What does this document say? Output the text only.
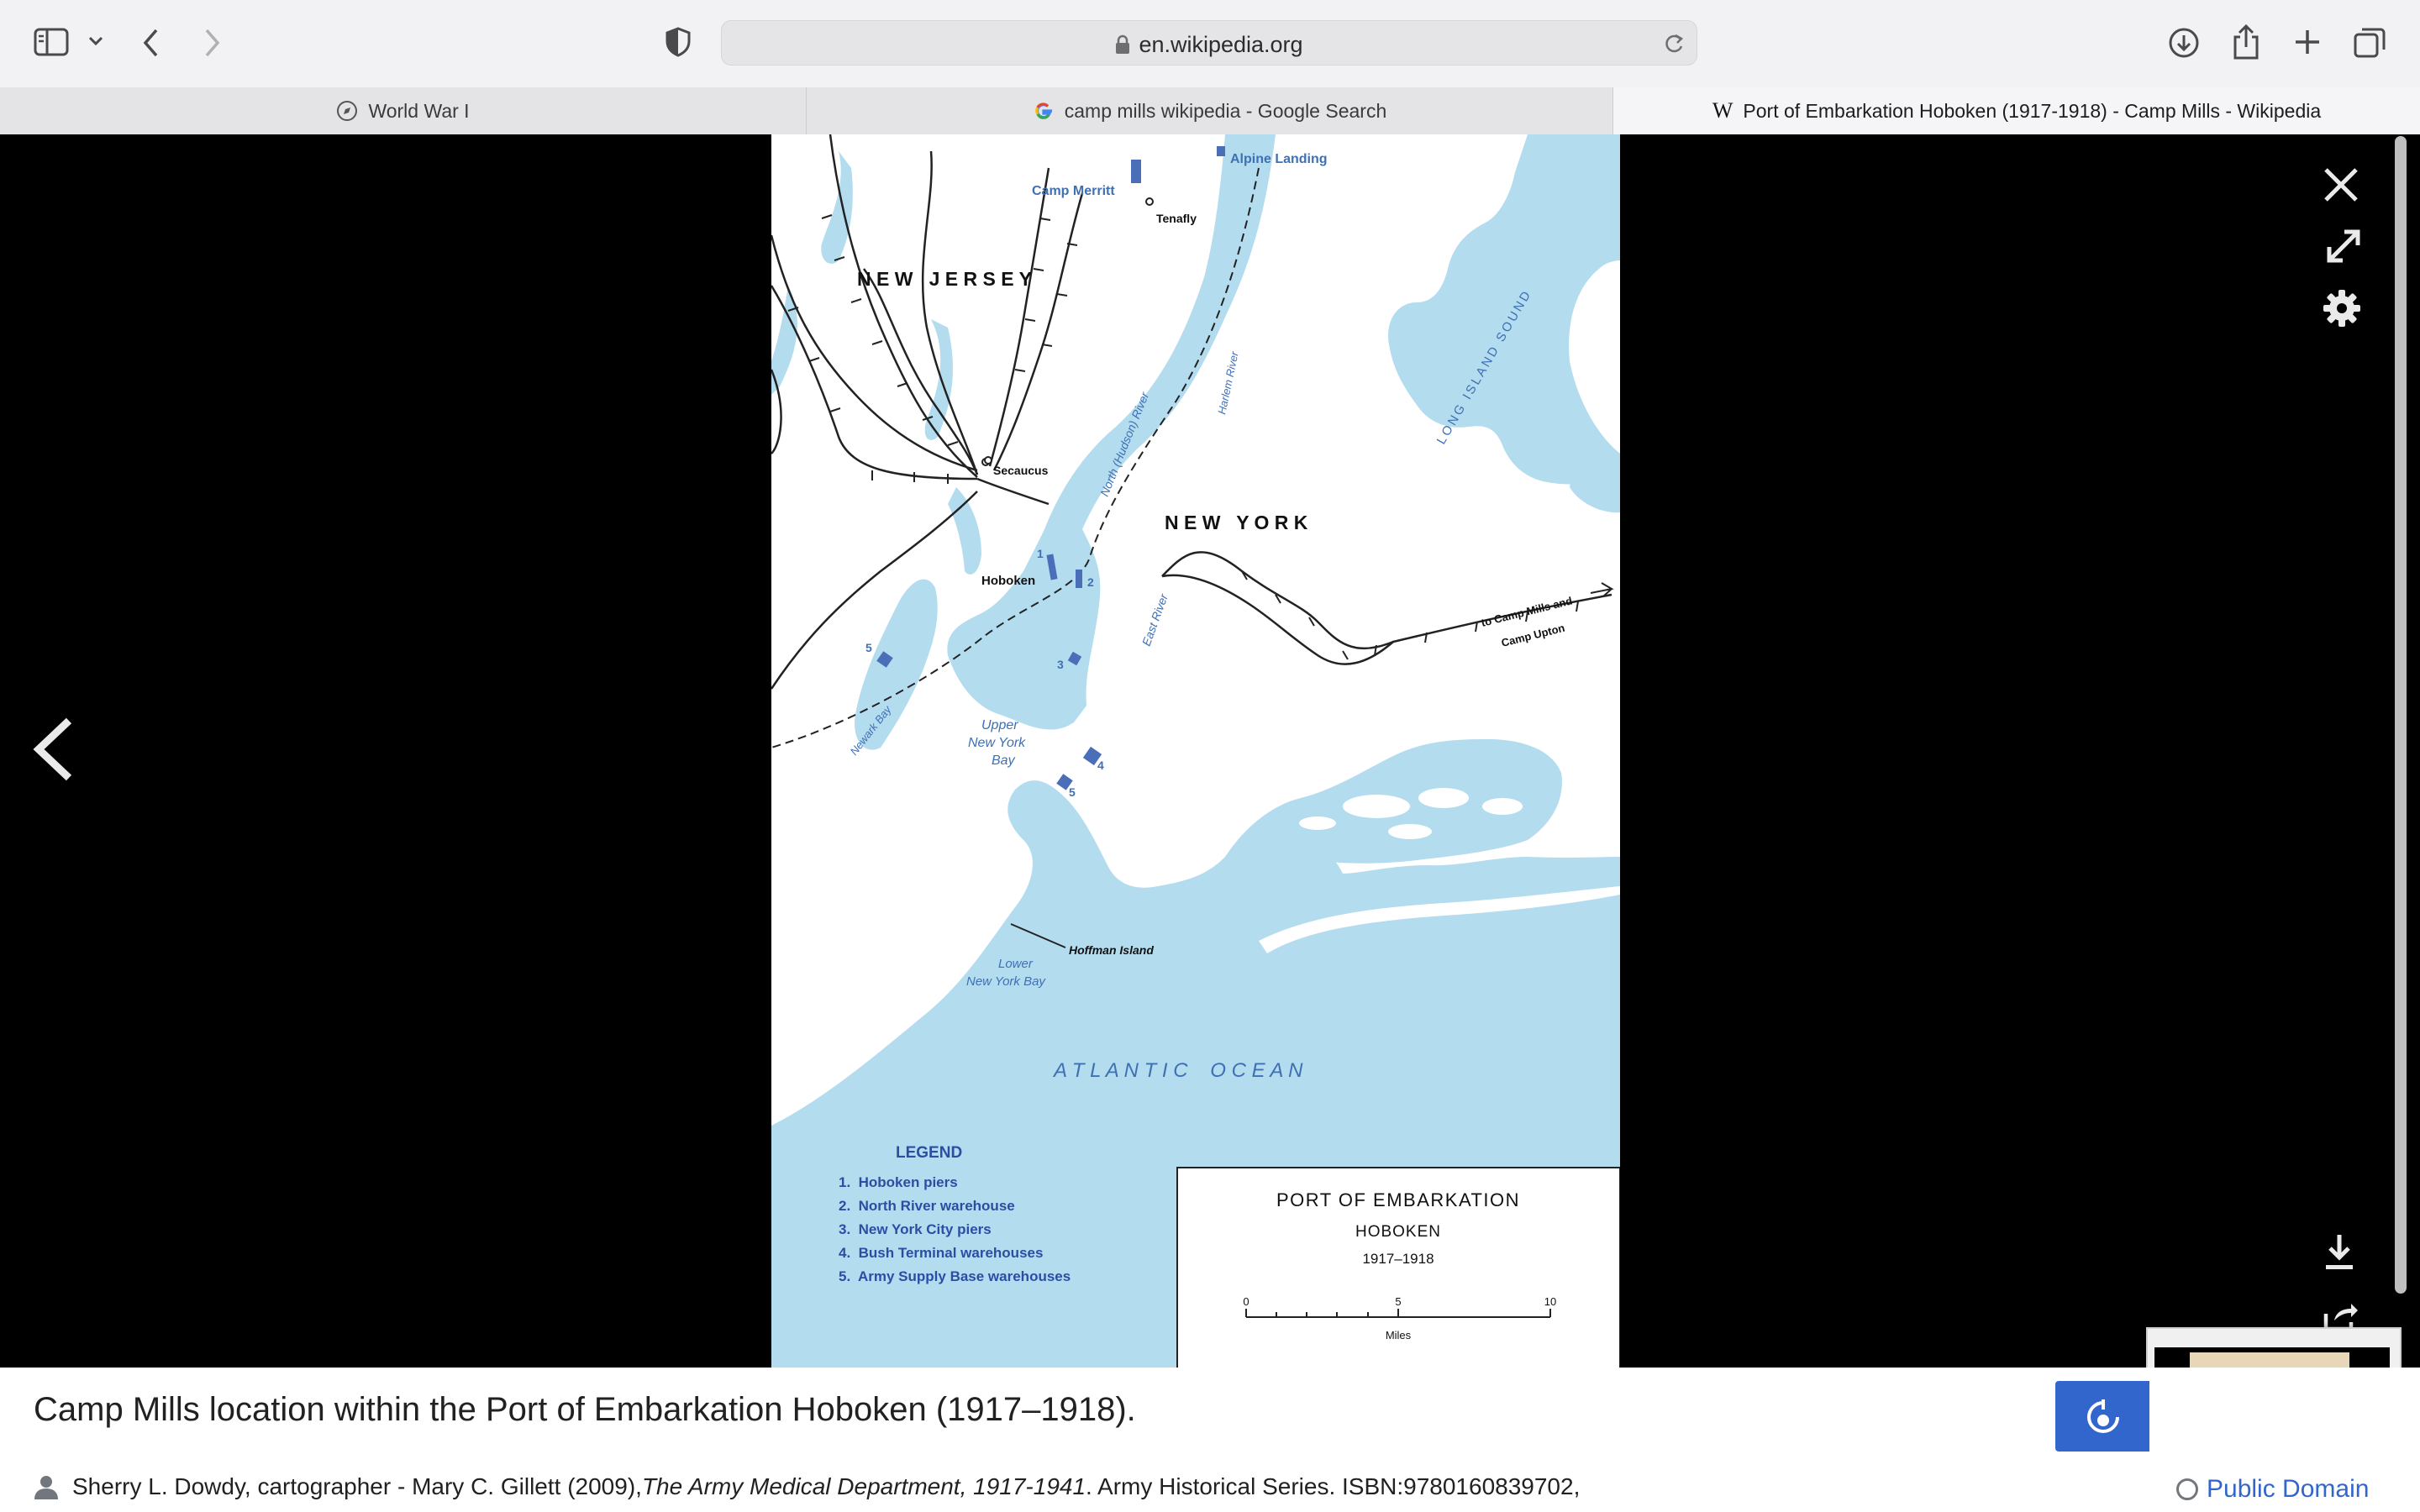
en.wikipedia.org
World War I	camp mills wikipedia - Google Search	W Port of Embarkation Hoboken (1917-1918) - Camp Mills - Wikipedia
N E W   J E R S E Y
N E W   Y O R K
Tenafly
Secaucus
Hoboken
Hoffman Island
to Camp Mills and
Camp Upton
Alpine Landing
Camp Merritt
North (Hudson) River
Harlem River
East River
Newark Bay
LONG ISLAND SOUND
Upper
New York
Bay
Lower
New York Bay
A T L A N T I C    O C E A N
1
2
3
4
5
5
LEGEND
1.  Hoboken piers
2.  North River warehouse
3.  New York City piers
4.  Bush Terminal warehouses
5.  Army Supply Base warehouses
PORT OF EMBARKATION
HOBOKEN
1917–1918
0	5	10
Miles
Camp Mills location within the Port of Embarkation Hoboken (1917–1918).
Sherry L. Dowdy, cartographer - Mary C. Gillett (2009), The Army Medical Department, 1917-1941 . Army Historical Series. ISBN:9780160839702,	Public Domain
